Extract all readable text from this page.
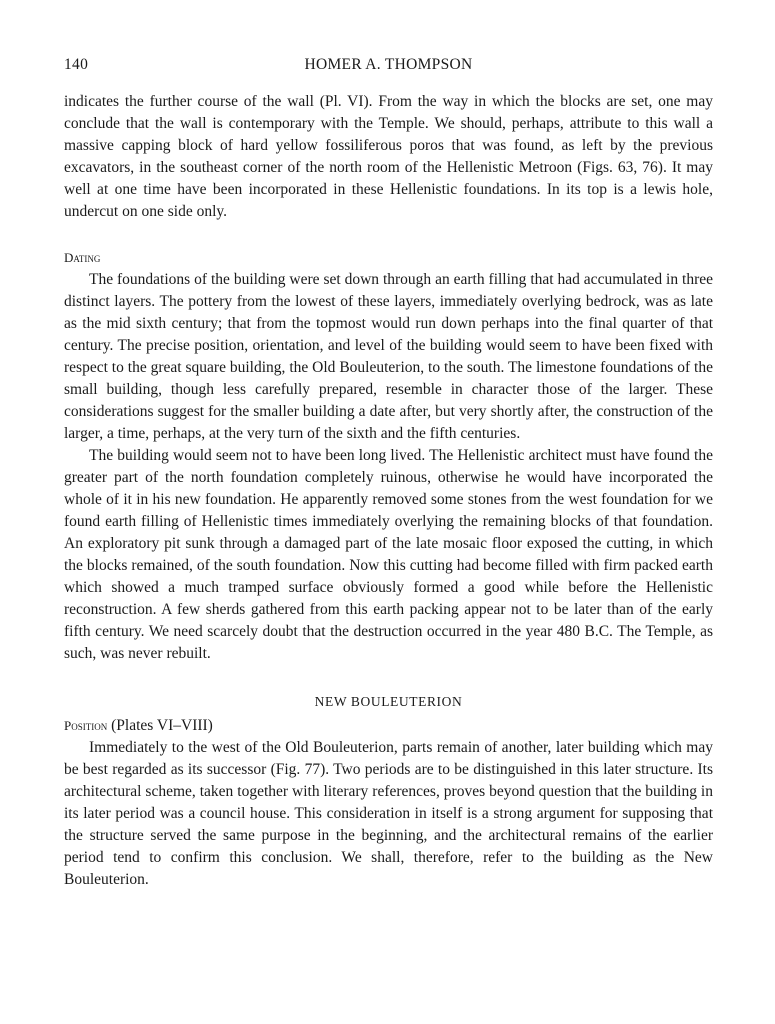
140	HOMER A. THOMPSON

indicates the further course of the wall (Pl. VI). From the way in which the blocks are set, one may conclude that the wall is contemporary with the Temple. We should, perhaps, attribute to this wall a massive capping block of hard yellow fossiliferous poros that was found, as left by the previous excavators, in the southeast corner of the north room of the Hellenistic Metroon (Figs. 63, 76). It may well at one time have been incorporated in these Hellenistic foundations. In its top is a lewis hole, undercut on one side only.

Dating

The foundations of the building were set down through an earth filling that had accumulated in three distinct layers. The pottery from the lowest of these layers, immediately overlying bedrock, was as late as the mid sixth century; that from the topmost would run down perhaps into the final quarter of that century. The precise position, orientation, and level of the building would seem to have been fixed with respect to the great square building, the Old Bouleuterion, to the south. The limestone foundations of the small building, though less carefully prepared, resemble in character those of the larger. These considerations suggest for the smaller building a date after, but very shortly after, the construction of the larger, a time, perhaps, at the very turn of the sixth and the fifth centuries.

The building would seem not to have been long lived. The Hellenistic architect must have found the greater part of the north foundation completely ruinous, otherwise he would have incorporated the whole of it in his new foundation. He apparently removed some stones from the west foundation for we found earth filling of Hellenistic times immediately overlying the remaining blocks of that foundation. An exploratory pit sunk through a damaged part of the late mosaic floor exposed the cutting, in which the blocks remained, of the south foundation. Now this cutting had become filled with firm packed earth which showed a much tramped surface obviously formed a good while before the Hellenistic reconstruction. A few sherds gathered from this earth packing appear not to be later than of the early fifth century. We need scarcely doubt that the destruction occurred in the year 480 B.C. The Temple, as such, was never rebuilt.

NEW BOULEUTERION

Position (Plates VI–VIII)

Immediately to the west of the Old Bouleuterion, parts remain of another, later building which may be best regarded as its successor (Fig. 77). Two periods are to be distinguished in this later structure. Its architectural scheme, taken together with literary references, proves beyond question that the building in its later period was a council house. This consideration in itself is a strong argument for supposing that the structure served the same purpose in the beginning, and the architectural remains of the earlier period tend to confirm this conclusion. We shall, therefore, refer to the building as the New Bouleuterion.
